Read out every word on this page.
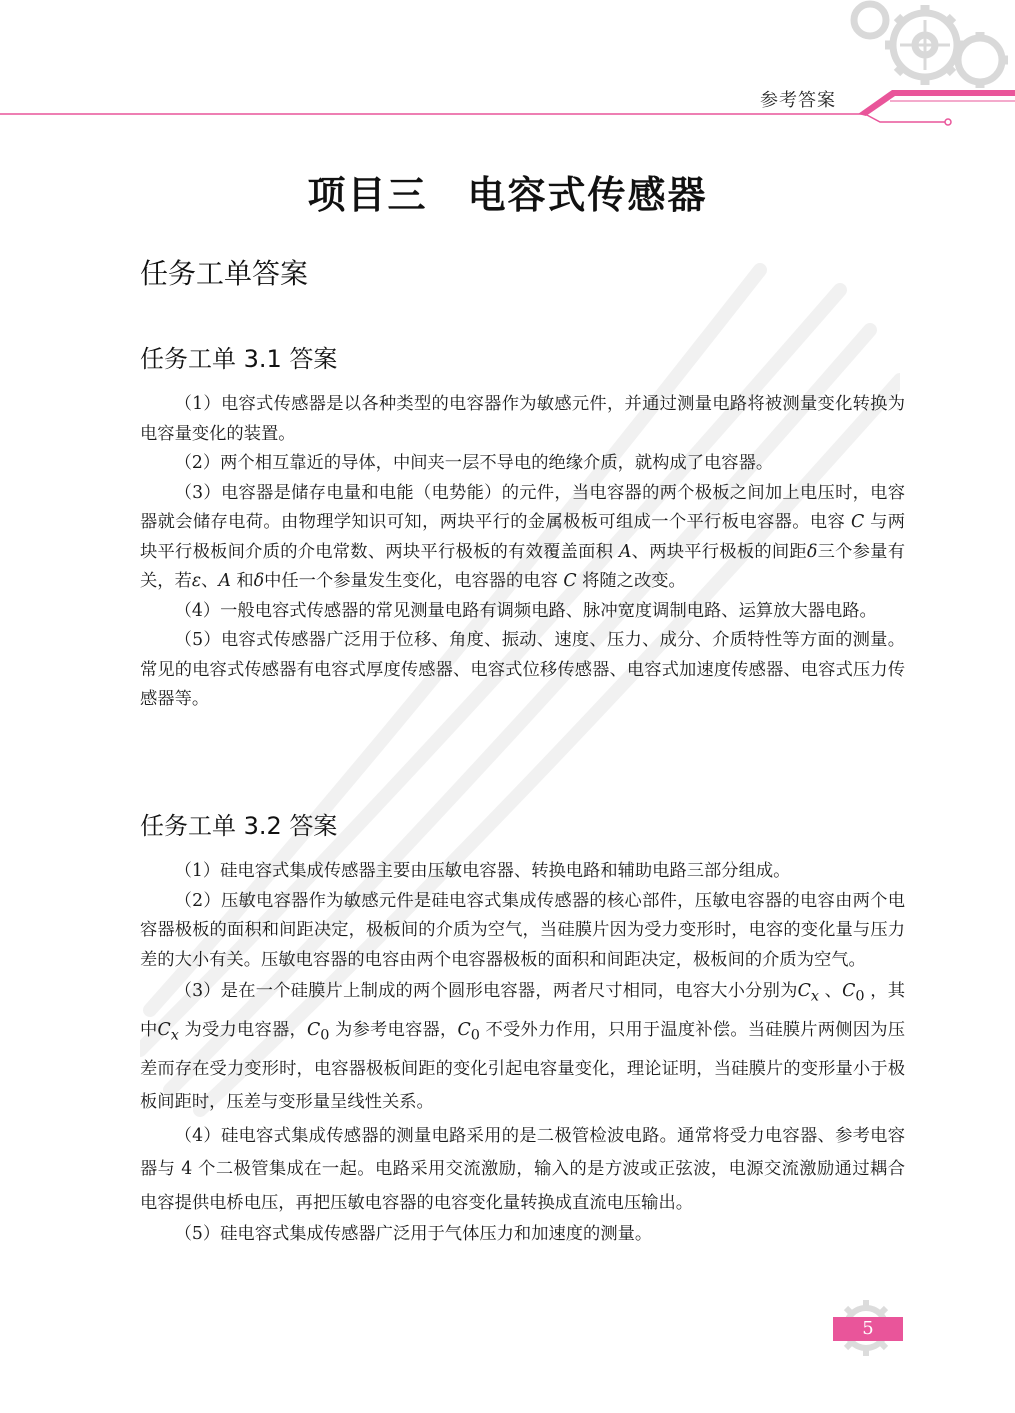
参考答案
项目三　电容式传感器
任务工单答案
任务工单 3.1 答案

（1）电容式传感器是以各种类型的电容器作为敏感元件，并通过测量电路将被测量变化转换为电容量变化的装置。

（2）两个相互靠近的导体，中间夹一层不导电的绝缘介质，就构成了电容器。

（3）电容器是储存电量和电能（电势能）的元件，当电容器的两个极板之间加上电压时，电容器就会储存电荷。由物理学知识可知，两块平行的金属极板可组成一个平行板电容器。电容 C 与两块平行极板间介质的介电常数、两块平行极板的有效覆盖面积 A、两块平行极板的间距δ三个参量有关，若ε、A 和δ中任一个参量发生变化，电容器的电容 C 将随之改变。

（4）一般电容式传感器的常见测量电路有调频电路、脉冲宽度调制电路、运算放大器电路。

（5）电容式传感器广泛用于位移、角度、振动、速度、压力、成分、介质特性等方面的测量。常见的电容式传感器有电容式厚度传感器、电容式位移传感器、电容式加速度传感器、电容式压力传感器等。

任务工单 3.2 答案

（1）硅电容式集成传感器主要由压敏电容器、转换电路和辅助电路三部分组成。

（2）压敏电容器作为敏感元件是硅电容式集成传感器的核心部件，压敏电容器的电容由两个电容器极板的面积和间距决定，极板间的介质为空气，当硅膜片因为受力变形时，电容的变化量与压力差的大小有关。压敏电容器的电容由两个电容器极板的面积和间距决定，极板间的介质为空气。

（3）是在一个硅膜片上制成的两个圆形电容器，两者尺寸相同，电容大小分别为$C_x$ 、$C_0$ ，其中$C_x$ 为受力电容器，$C_0$ 为参考电容器，$C_0$ 不受外力作用，只用于温度补偿。当硅膜片两侧因为压差而存在受力变形时，电容器极板间距的变化引起电容量变化，理论证明，当硅膜片的变形量小于极板间距时，压差与变形量呈线性关系。

（4）硅电容式集成传感器的测量电路采用的是二极管检波电路。通常将受力电容器、参考电容器与 4 个二极管集成在一起。电路采用交流激励，输入的是方波或正弦波，电源交流激励通过耦合电容提供电桥电压，再把压敏电容器的电容变化量转换成直流电压输出。

（5）硅电容式集成传感器广泛用于气体压力和加速度的测量。

5
